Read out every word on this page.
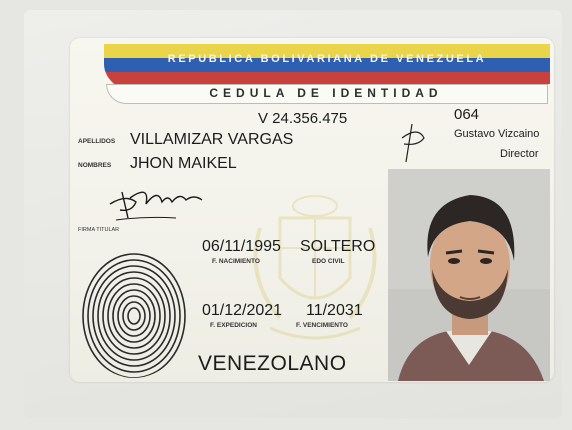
REPUBLICA BOLIVARIANA DE VENEZUELA
CEDULA DE IDENTIDAD
V 24.356.475	064
Gustavo Vizcaino
Director
APELLIDOS VILLAMIZAR VARGAS
NOMBRES JHON MAIKEL
FIRMA TITULAR
06/11/1995
F. NACIMIENTO
SOLTERO
EDO CIVIL
01/12/2021
F. EXPEDICION
11/2031
F. VENCIMIENTO
VENEZOLANO
